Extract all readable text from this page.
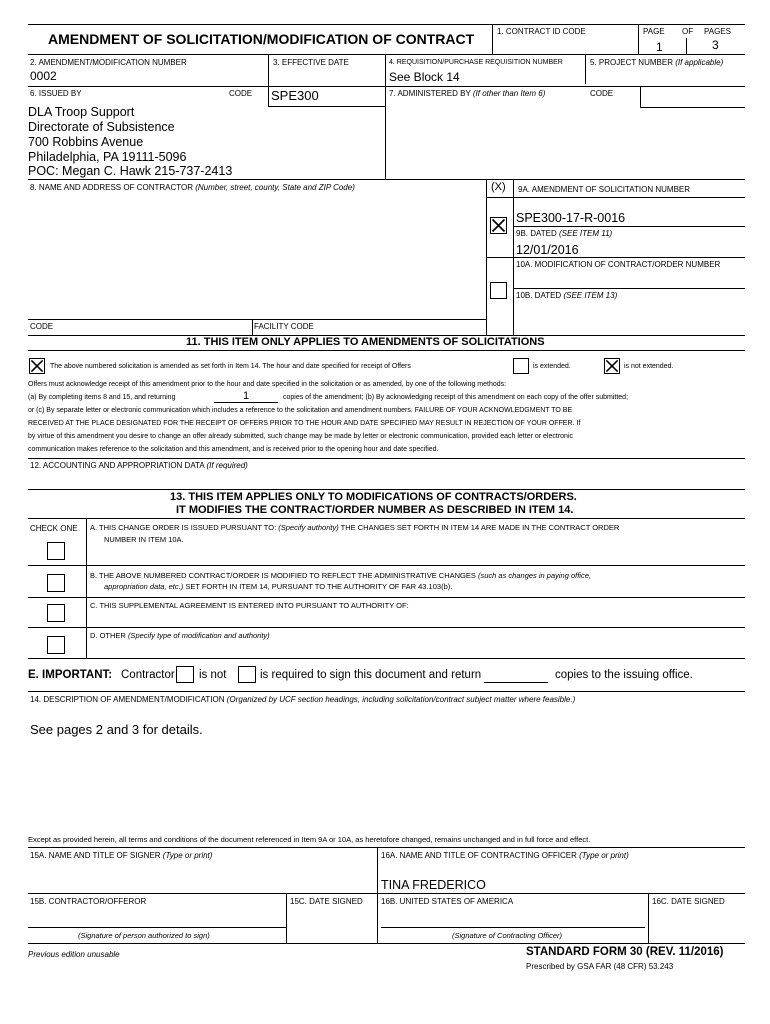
AMENDMENT OF SOLICITATION/MODIFICATION OF CONTRACT	1. CONTRACT ID CODE	PAGE OF PAGES
1	3
2. AMENDMENT/MODIFICATION NUMBER
0002	3. EFFECTIVE DATE	4. REQUISITION/PURCHASE REQUISITION NUMBER
See Block 14
5. PROJECT NUMBER (If applicable)
6. ISSUED BY	CODE SPE300	7. ADMINISTERED BY (If other than Item 6)	CODE
DLA Troop Support
Directorate of Subsistence
700 Robbins Avenue
Philadelphia, PA 19111-5096
POC: Megan C. Hawk 215-737-2413
8. NAME AND ADDRESS OF CONTRACTOR (Number, street, county, State and ZIP Code)	(X) 9A. AMENDMENT OF SOLICITATION NUMBER
SPE300-17-R-0016
9B. DATED (SEE ITEM 11)
12/01/2016
10A. MODIFICATION OF CONTRACT/ORDER NUMBER
10B. DATED (SEE ITEM 13)
CODE	FACILITY CODE
11. THIS ITEM ONLY APPLIES TO AMENDMENTS OF SOLICITATIONS
The above numbered solicitation is amended as set forth in Item 14. The hour and date specified for receipt of Offers	is extended.	is not extended.
Offers must acknowledge receipt of this amendment prior to the hour and date specified in the solicitation or as amended, by one of the following methods:
(a) By completing items 8 and 15, and returning	1	copies of the amendment; (b) By acknowledging receipt of this amendment on each copy of the offer submitted;
or (c) By separate letter or electronic communication which includes a reference to the solicitation and amendment numbers. FAILURE OF YOUR ACKNOWLEDGMENT TO BE
RECEIVED AT THE PLACE DESIGNATED FOR THE RECEIPT OF OFFERS PRIOR TO THE HOUR AND DATE SPECIFIED MAY RESULT IN REJECTION OF YOUR OFFER. If
by virtue of this amendment you desire to change an offer already submitted, such change may be made by letter or electronic communication, provided each letter or electronic
communication makes reference to the solicitation and this amendment, and is received prior to the opening hour and date specified.
12. ACCOUNTING AND APPROPRIATION DATA (If required)
13. THIS ITEM APPLIES ONLY TO MODIFICATIONS OF CONTRACTS/ORDERS.
IT MODIFIES THE CONTRACT/ORDER NUMBER AS DESCRIBED IN ITEM 14.
CHECK ONE A. THIS CHANGE ORDER IS ISSUED PURSUANT TO: (Specify authority) THE CHANGES SET FORTH IN ITEM 14 ARE MADE IN THE CONTRACT ORDER
NUMBER IN ITEM 10A.
B. THE ABOVE NUMBERED CONTRACT/ORDER IS MODIFIED TO REFLECT THE ADMINISTRATIVE CHANGES (such as changes in paying office,
appropriation data, etc.) SET FORTH IN ITEM 14, PURSUANT TO THE AUTHORITY OF FAR 43.103(b).
C. THIS SUPPLEMENTAL AGREEMENT IS ENTERED INTO PURSUANT TO AUTHORITY OF:
D. OTHER (Specify type of modification and authority)
E. IMPORTANT: Contractor is not	is required to sign this document and return	copies to the issuing office.
14. DESCRIPTION OF AMENDMENT/MODIFICATION (Organized by UCF section headings, including solicitation/contract subject matter where feasible.)
See pages 2 and 3 for details.
Except as provided herein, all terms and conditions of the document referenced in Item 9A or 10A, as heretofore changed, remains unchanged and in full force and effect.
15A. NAME AND TITLE OF SIGNER (Type or print)	16A. NAME AND TITLE OF CONTRACTING OFFICER (Type or print)
TINA FREDERICO
15B. CONTRACTOR/OFFEROR	15C. DATE SIGNED 16B. UNITED STATES OF AMERICA	16C. DATE SIGNED
(Signature of person authorized to sign)	(Signature of Contracting Officer)
Previous edition unusable	STANDARD FORM 30 (REV. 11/2016)
Prescribed by GSA FAR (48 CFR) 53.243
